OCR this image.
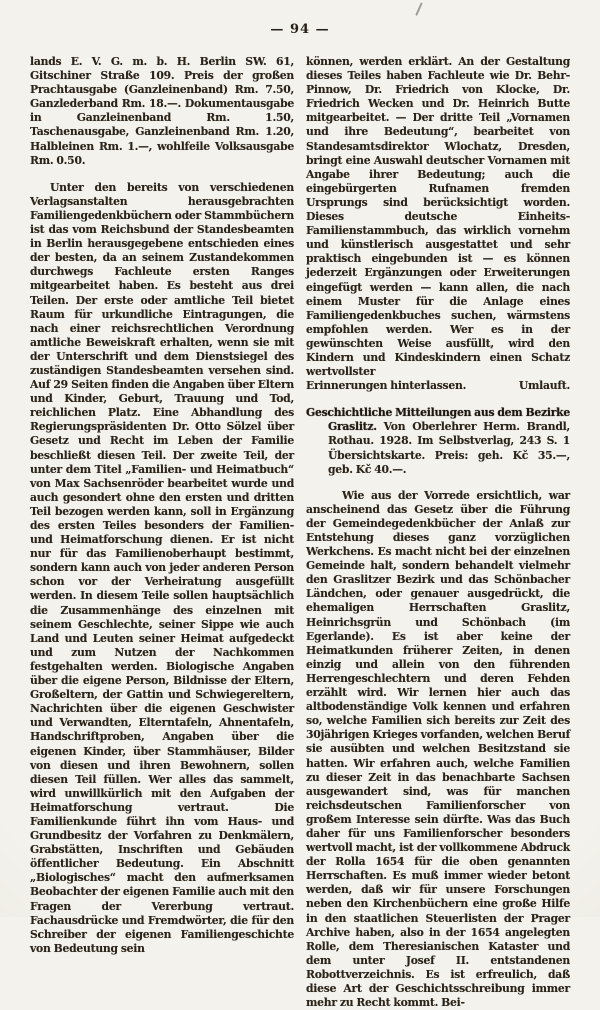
— 94 —

lands E. V. G. m. b. H. Berlin SW. 61, Gitschiner Straße 109. Preis der großen Prachtausgabe (Ganzleinenband) Rm. 7.50, Ganzlederband Rm. 18.—. Dokumentausgabe in Ganzleinenband Rm. 1.50, Taschenausgabe, Ganzleinenband Rm. 1.20, Halbleinen Rm. 1.—, wohlfeile Volksausgabe Rm. 0.50.

Unter den bereits von verschiedenen Verlagsanstalten herausgebrachten Familiengedenkbüchern oder Stammbüchern ist das vom Reichsbund der Standesbeamten in Berlin herausgegebene entschieden eines der besten, da an seinem Zustandekommen durchwegs Fachleute ersten Ranges mitgearbeitet haben. Es besteht aus drei Teilen. Der erste oder amtliche Teil bietet Raum für urkundliche Eintragungen, die nach einer reichsrechtlichen Verordnung amtliche Beweiskraft erhalten, wenn sie mit der Unterschrift und dem Dienstsiegel des zuständigen Standesbeamten versehen sind. Auf 29 Seiten finden die Angaben über Eltern und Kinder, Geburt, Trauung und Tod, reichlichen Platz. Eine Abhandlung des Regierungspräsidenten Dr. Otto Sölzel über Gesetz und Recht im Leben der Familie beschließt diesen Teil. Der zweite Teil, der unter dem Titel „Familien- und Heimatbuch“ von Max Sachsenröder bearbeitet wurde und auch gesondert ohne den ersten und dritten Teil bezogen werden kann, soll in Ergänzung des ersten Teiles besonders der Familien- und Heimatforschung dienen. Er ist nicht nur für das Familienoberhaupt bestimmt, sondern kann auch von jeder anderen Person schon vor der Verheiratung ausgefüllt werden. In diesem Teile sollen hauptsächlich die Zusammenhänge des einzelnen mit seinem Geschlechte, seiner Sippe wie auch Land und Leuten seiner Heimat aufgedeckt und zum Nutzen der Nachkommen festgehalten werden. Biologische Angaben über die eigene Person, Bildnisse der Eltern, Großeltern, der Gattin und Schwiegereltern, Nachrichten über die eigenen Geschwister und Verwandten, Elterntafeln, Ahnentafeln, Handschriftproben, Angaben über die eigenen Kinder, über Stammhäuser, Bilder von diesen und ihren Bewohnern, sollen diesen Teil füllen. Wer alles das sammelt, wird unwillkürlich mit den Aufgaben der Heimatforschung vertraut. Die Familienkunde führt ihn vom Haus- und Grundbesitz der Vorfahren zu Denkmälern, Grabstätten, Inschriften und Gebäuden öffentlicher Bedeutung. Ein Abschnitt „Biologisches“ macht den aufmerksamen Beobachter der eigenen Familie auch mit den Fragen der Vererbung vertraut. Fachausdrücke und Fremdwörter, die für den Schreiber der eigenen Familiengeschichte von Bedeutung sein

können, werden erklärt. An der Gestaltung dieses Teiles haben Fachleute wie Dr. Behr-Pinnow, Dr. Friedrich von Klocke, Dr. Friedrich Wecken und Dr. Heinrich Butte mitgearbeitet. — Der dritte Teil „Vornamen und ihre Bedeutung“, bearbeitet von Standesamtsdirektor Wlochatz, Dresden, bringt eine Auswahl deutscher Vornamen mit Angabe ihrer Bedeutung; auch die eingebürgerten Rufnamen fremden Ursprungs sind berücksichtigt worden. Dieses deutsche Einheits-Familienstammbuch, das wirklich vornehm und künstlerisch ausgestattet und sehr praktisch eingebunden ist — es können jederzeit Ergänzungen oder Erweiterungen eingefügt werden — kann allen, die nach einem Muster für die Anlage eines Familiengedenkbuches suchen, wärmstens empfohlen werden. Wer es in der gewünschten Weise ausfüllt, wird den Kindern und Kindeskindern einen Schatz wertvollster

Erinnerungen hinterlassen.	Umlauft.
Geschichtliche Mitteilungen aus dem Bezirke Graslitz. Von Oberlehrer Herm. Brandl, Rothau. 1928. Im Selbstverlag, 243 S. 1 Übersichtskarte. Preis: geh. Kč 35.—, geb. Kč 40.—.

Wie aus der Vorrede ersichtlich, war anscheinend das Gesetz über die Führung der Gemeindegedenkbücher der Anlaß zur Entstehung dieses ganz vorzüglichen Werkchens. Es macht nicht bei der einzelnen Gemeinde halt, sondern behandelt vielmehr den Graslitzer Bezirk und das Schönbacher Ländchen, oder genauer ausgedrückt, die ehemaligen Herrschaften Graslitz, Heinrichsgrün und Schönbach (im Egerlande). Es ist aber keine der Heimatkunden früherer Zeiten, in denen einzig und allein von den führenden Herrengeschlechtern und deren Fehden erzählt wird. Wir lernen hier auch das altbodenständige Volk kennen und erfahren so, welche Familien sich bereits zur Zeit des 30jährigen Krieges vorfanden, welchen Beruf sie ausübten und welchen Besitzstand sie hatten. Wir erfahren auch, welche Familien zu dieser Zeit in das benachbarte Sachsen ausgewandert sind, was für manchen reichsdeutschen Familienforscher von großem Interesse sein dürfte. Was das Buch daher für uns Familienforscher besonders wertvoll macht, ist der vollkommene Abdruck der Rolla 1654 für die oben genannten Herrschaften. Es muß immer wieder betont werden, daß wir für unsere Forschungen neben den Kirchenbüchern eine große Hilfe in den staatlichen Steuerlisten der Prager Archive haben, also in der 1654 angelegten Rolle, dem Theresianischen Kataster und dem unter Josef II. entstandenen Robottverzeichnis. Es ist erfreulich, daß diese Art der Geschichtsschreibung immer mehr zu Recht kommt. Bei-
